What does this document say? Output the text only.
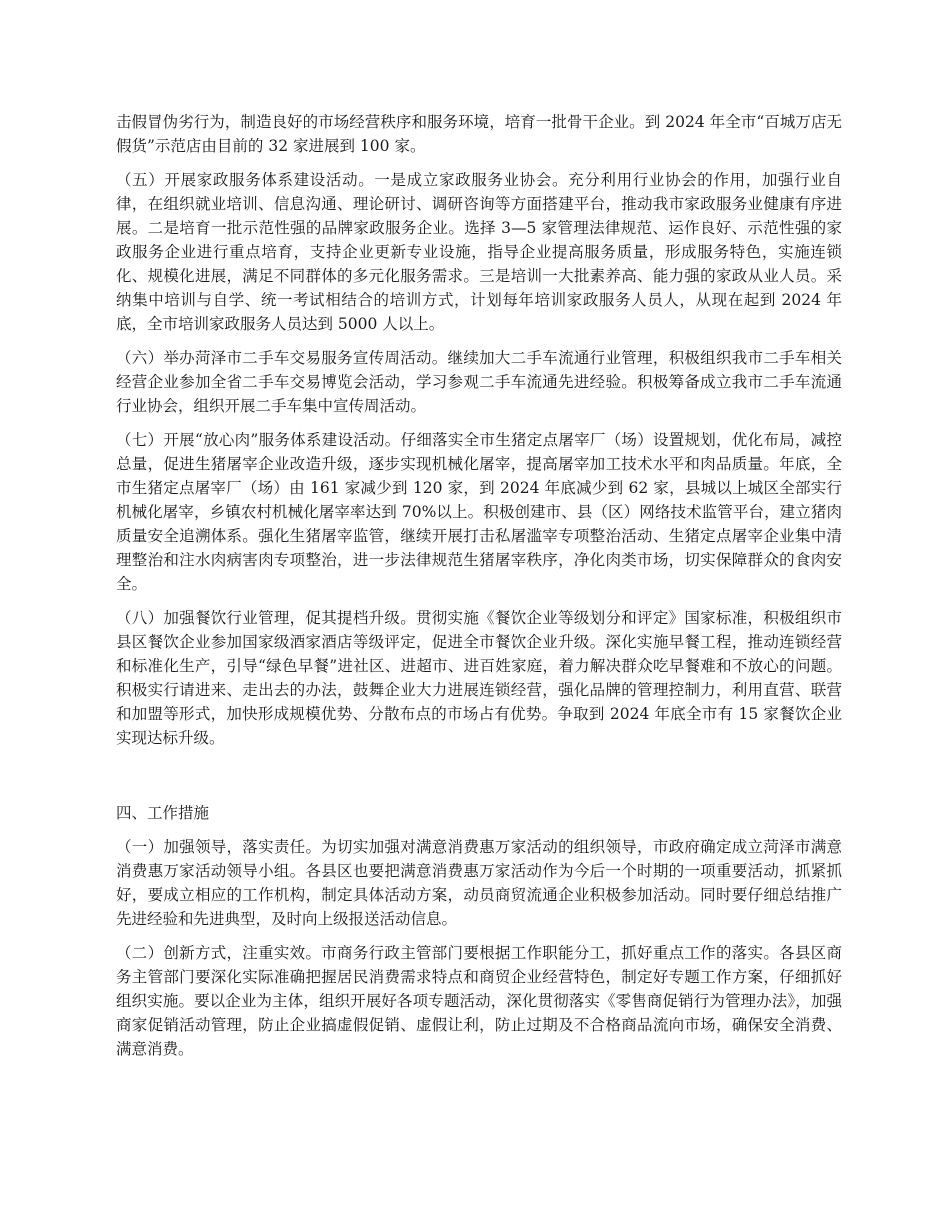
击假冒伪劣行为，制造良好的市场经营秩序和服务环境，培育一批骨干企业。到 2024 年全市“百城万店无假货”示范店由目前的 32 家进展到 100 家。

（五）开展家政服务体系建设活动。一是成立家政服务业协会。充分利用行业协会的作用，加强行业自律，在组织就业培训、信息沟通、理论研讨、调研咨询等方面搭建平台，推动我市家政服务业健康有序进展。二是培育一批示范性强的品牌家政服务企业。选择 3—5 家管理法律规范、运作良好、示范性强的家政服务企业进行重点培育，支持企业更新专业设施，指导企业提高服务质量，形成服务特色，实施连锁化、规模化进展，满足不同群体的多元化服务需求。三是培训一大批素养高、能力强的家政从业人员。采纳集中培训与自学、统一考试相结合的培训方式，计划每年培训家政服务人员人，从现在起到 2024 年底，全市培训家政服务人员达到 5000 人以上。

（六）举办菏泽市二手车交易服务宣传周活动。继续加大二手车流通行业管理，积极组织我市二手车相关经营企业参加全省二手车交易博览会活动，学习参观二手车流通先进经验。积极筹备成立我市二手车流通行业协会，组织开展二手车集中宣传周活动。

（七）开展“放心肉”服务体系建设活动。仔细落实全市生猪定点屠宰厂（场）设置规划，优化布局，减控总量，促进生猪屠宰企业改造升级，逐步实现机械化屠宰，提高屠宰加工技术水平和肉品质量。年底，全市生猪定点屠宰厂（场）由 161 家减少到 120 家，到 2024 年底减少到 62 家，县城以上城区全部实行机械化屠宰，乡镇农村机械化屠宰率达到 70%以上。积极创建市、县（区）网络技术监管平台，建立猪肉质量安全追溯体系。强化生猪屠宰监管，继续开展打击私屠滥宰专项整治活动、生猪定点屠宰企业集中清理整治和注水肉病害肉专项整治，进一步法律规范生猪屠宰秩序，净化肉类市场，切实保障群众的食肉安全。

（八）加强餐饮行业管理，促其提档升级。贯彻实施《餐饮企业等级划分和评定》国家标准，积极组织市县区餐饮企业参加国家级酒家酒店等级评定，促进全市餐饮企业升级。深化实施早餐工程，推动连锁经营和标准化生产，引导“绿色早餐”进社区、进超市、进百姓家庭，着力解决群众吃早餐难和不放心的问题。积极实行请进来、走出去的办法，鼓舞企业大力进展连锁经营，强化品牌的管理控制力，利用直营、联营和加盟等形式，加快形成规模优势、分散布点的市场占有优势。争取到 2024 年底全市有 15 家餐饮企业实现达标升级。

四、工作措施

（一）加强领导，落实责任。为切实加强对满意消费惠万家活动的组织领导，市政府确定成立菏泽市满意消费惠万家活动领导小组。各县区也要把满意消费惠万家活动作为今后一个时期的一项重要活动，抓紧抓好，要成立相应的工作机构，制定具体活动方案，动员商贸流通企业积极参加活动。同时要仔细总结推广先进经验和先进典型，及时向上级报送活动信息。

（二）创新方式，注重实效。市商务行政主管部门要根据工作职能分工，抓好重点工作的落实。各县区商务主管部门要深化实际准确把握居民消费需求特点和商贸企业经营特色，制定好专题工作方案，仔细抓好组织实施。要以企业为主体，组织开展好各项专题活动，深化贯彻落实《零售商促销行为管理办法》，加强商家促销活动管理，防止企业搞虚假促销、虚假让利，防止过期及不合格商品流向市场，确保安全消费、满意消费。
